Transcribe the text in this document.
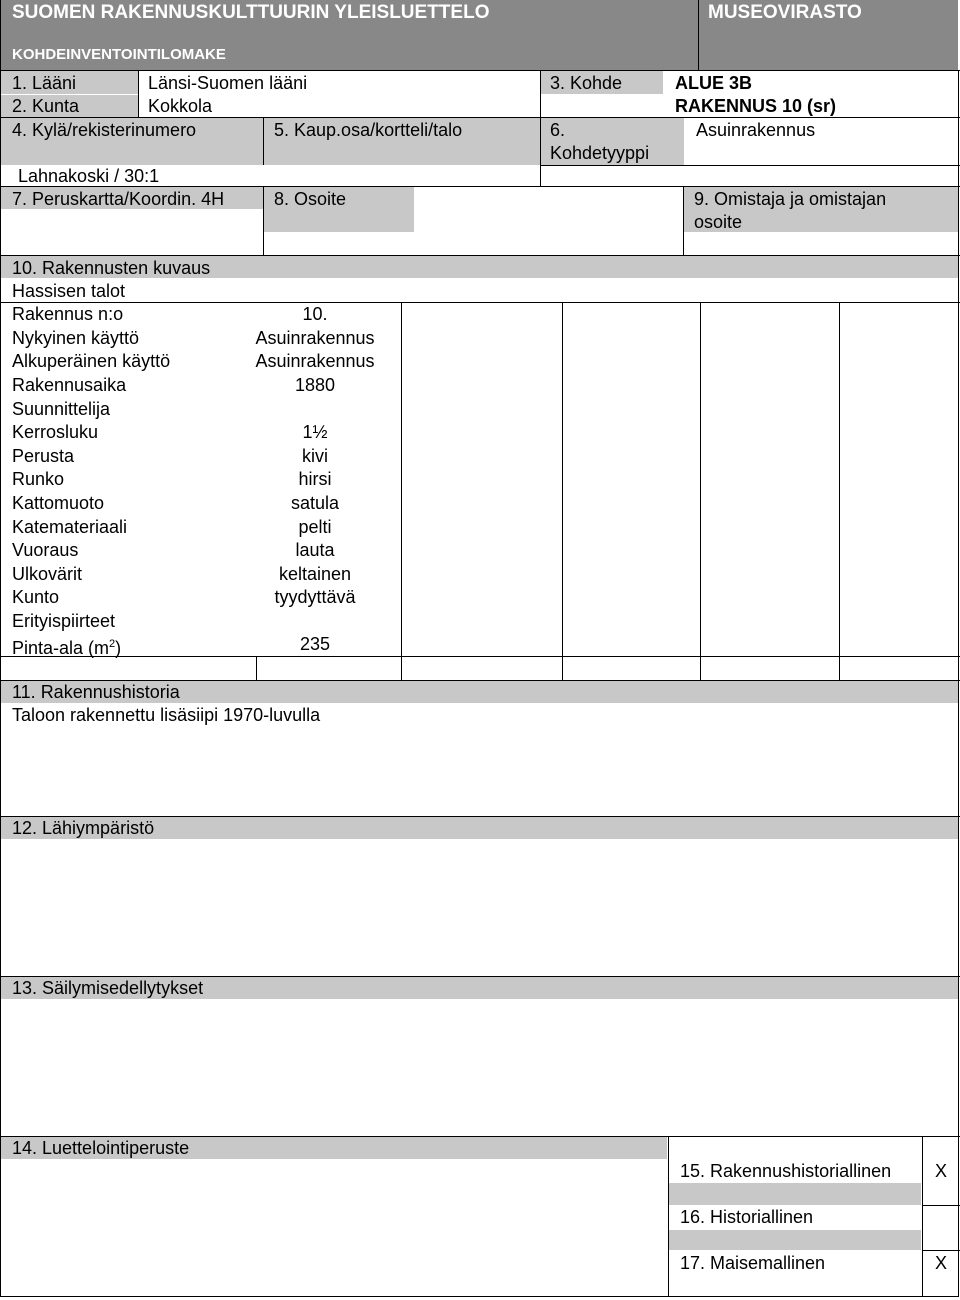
SUOMEN RAKENNUSKULTTUURIN YLEISLUETTELO
KOHDEINVENTOINTILOMAKE
MUSEOVIRASTO
1. Lääni	Länsi-Suomen lääni
2. Kunta	Kokkola
3. Kohde	ALUE 3B
RAKENNUS 10 (sr)
4. Kylä/rekisterinumero
Lahnakoski / 30:1
5. Kaup.osa/kortteli/talo	6.
Kohdetyyppi
Asuinrakennus
7. Peruskartta/Koordin. 4H	8. Osoite	9. Omistaja ja omistajan
osoite
10. Rakennusten kuvaus
Hassisen talot
Rakennus n:o	10.
Nykyinen käyttö	Asuinrakennus
Alkuperäinen käyttö	Asuinrakennus
Rakennusaika	1880
Suunnittelija
Kerrosluku	1½
Perusta	kivi
Runko	hirsi
Kattomuoto	satula
Katemateriaali	pelti
Vuoraus	lauta
Ulkovärit	keltainen
Kunto	tyydyttävä
Erityispiirteet
Pinta-ala $(m^2)$	235
11. Rakennushistoria
Taloon rakennettu lisäsiipi 1970-luvulla
12. Lähiympäristö
13. Säilymisedellytykset
14. Luettelointiperuste
15. Rakennushistoriallinen	X
16. Historiallinen
17. Maisemallinen	X
